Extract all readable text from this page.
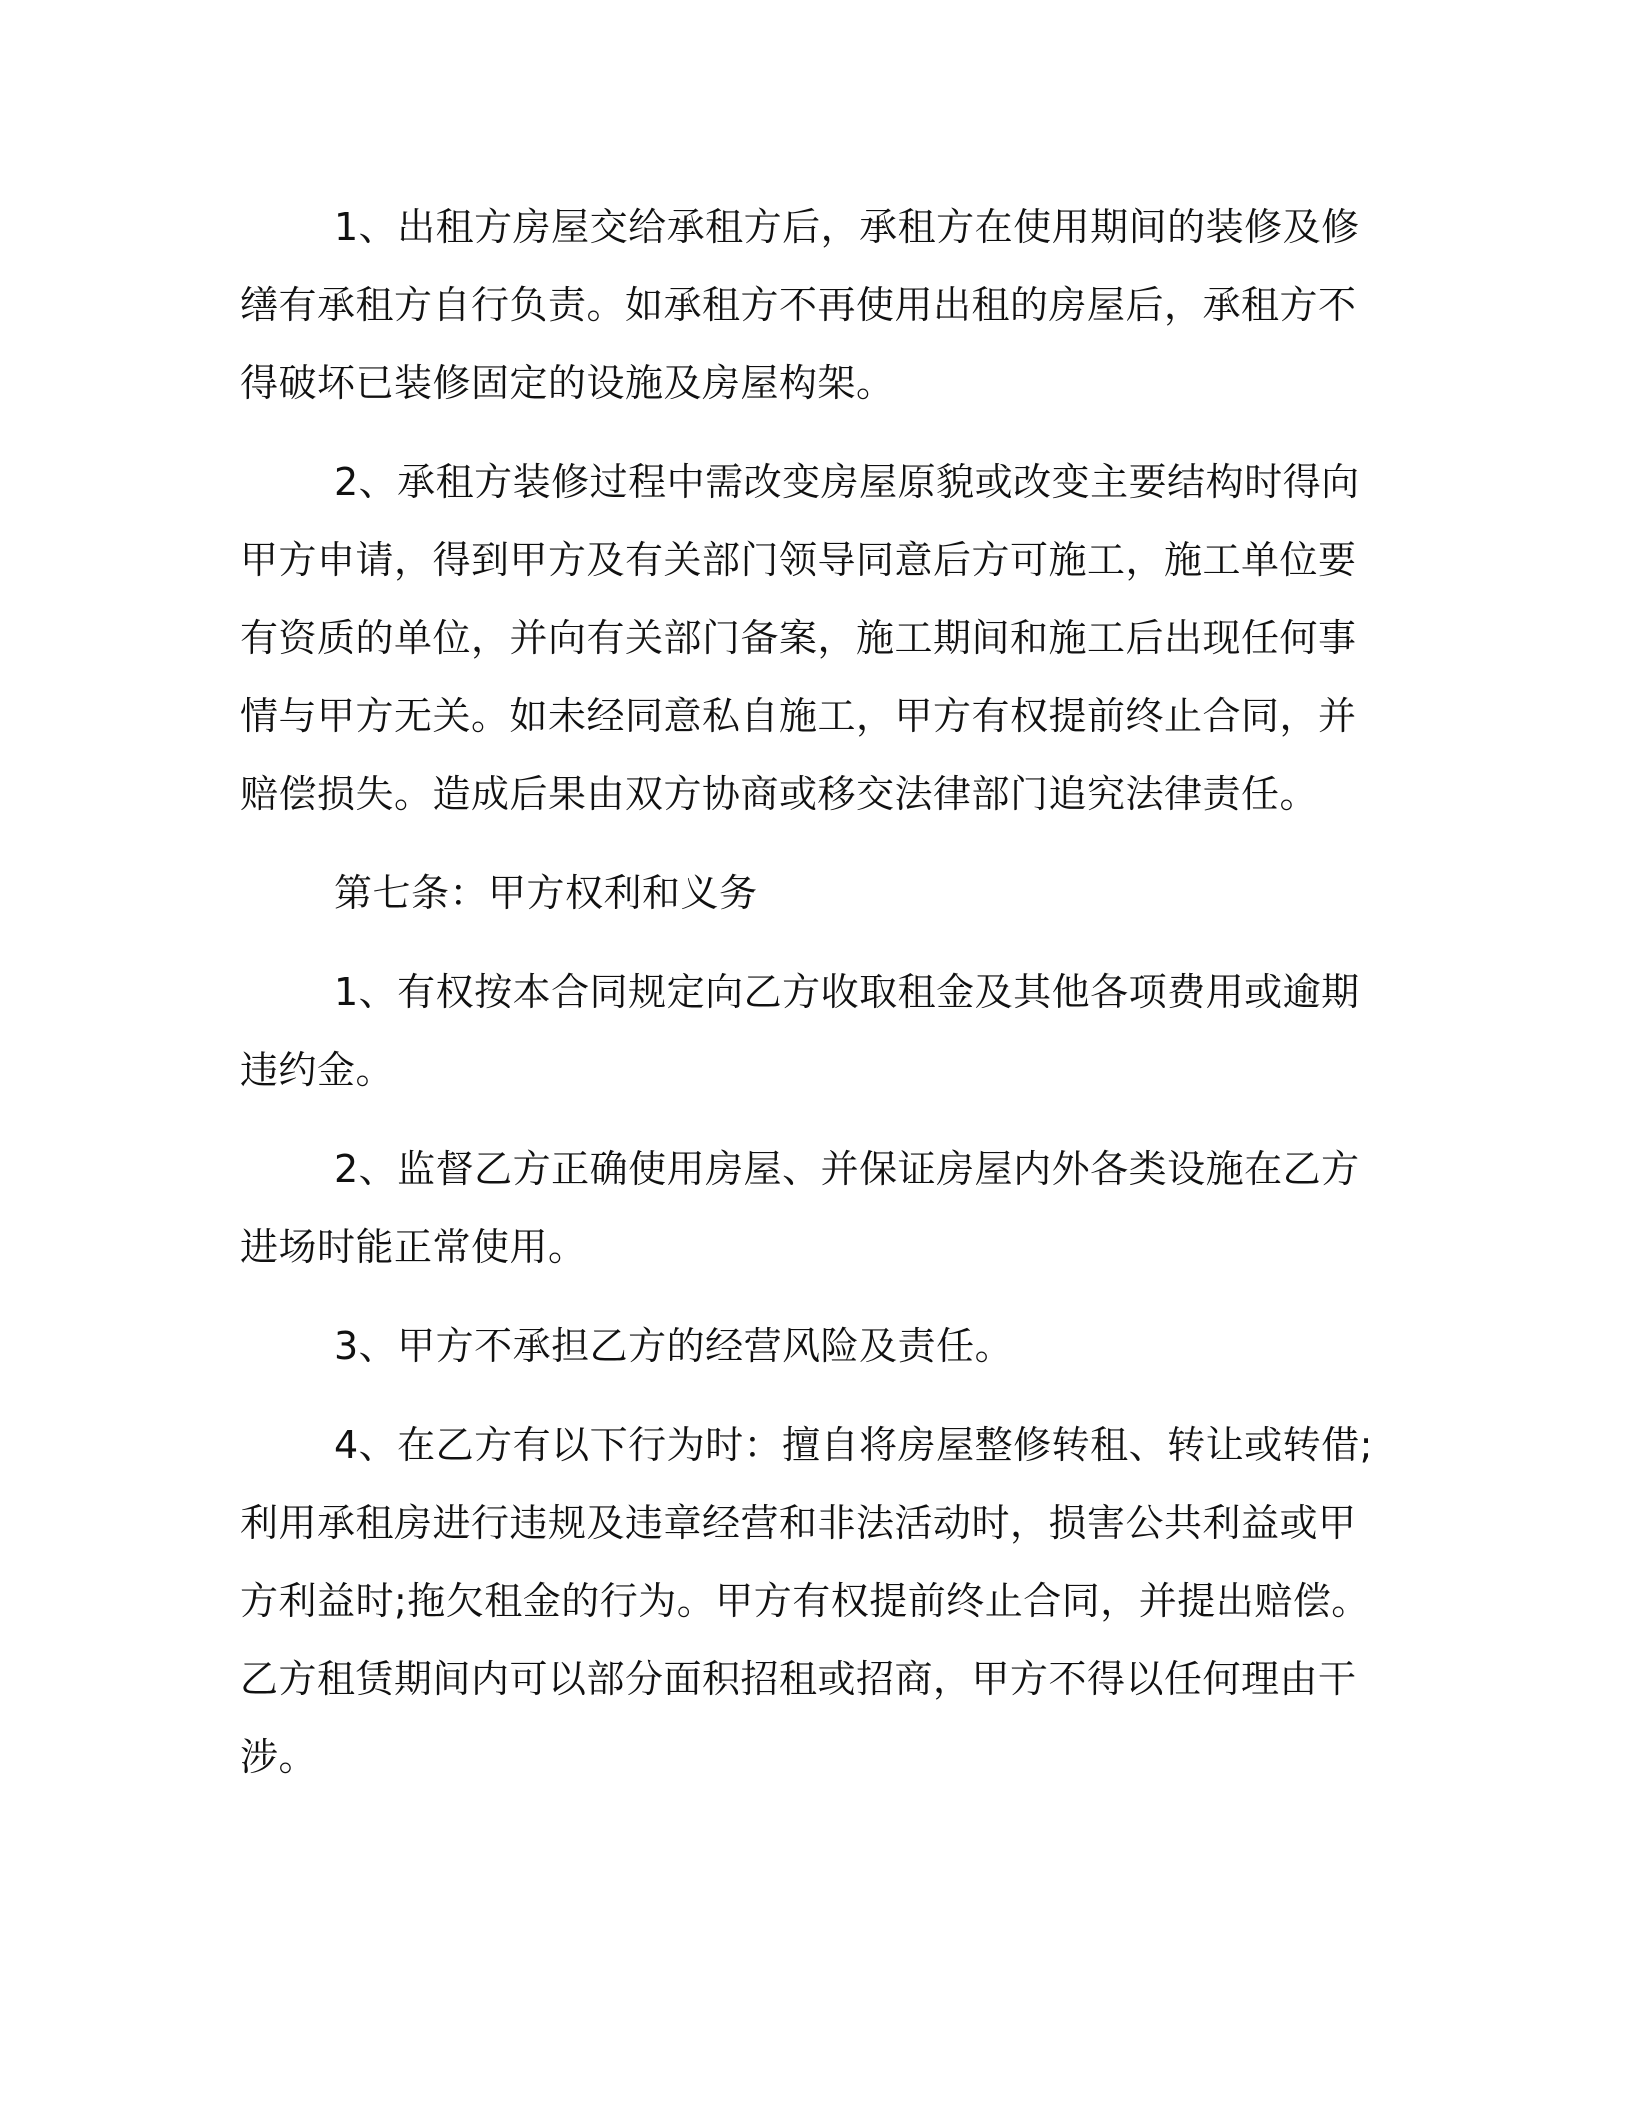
1、出租方房屋交给承租方后，承租方在使用期间的装修及修缮有承租方自行负责。如承租方不再使用出租的房屋后，承租方不得破坏已装修固定的设施及房屋构架。

2、承租方装修过程中需改变房屋原貌或改变主要结构时得向甲方申请，得到甲方及有关部门领导同意后方可施工，施工单位要有资质的单位，并向有关部门备案，施工期间和施工后出现任何事情与甲方无关。如未经同意私自施工，甲方有权提前终止合同，并赔偿损失。造成后果由双方协商或移交法律部门追究法律责任。

第七条：甲方权利和义务

1、有权按本合同规定向乙方收取租金及其他各项费用或逾期违约金。

2、监督乙方正确使用房屋、并保证房屋内外各类设施在乙方进场时能正常使用。

3、甲方不承担乙方的经营风险及责任。

4、在乙方有以下行为时：擅自将房屋整修转租、转让或转借;利用承租房进行违规及违章经营和非法活动时，损害公共利益或甲方利益时;拖欠租金的行为。甲方有权提前终止合同，并提出赔偿。乙方租赁期间内可以部分面积招租或招商，甲方不得以任何理由干涉。
